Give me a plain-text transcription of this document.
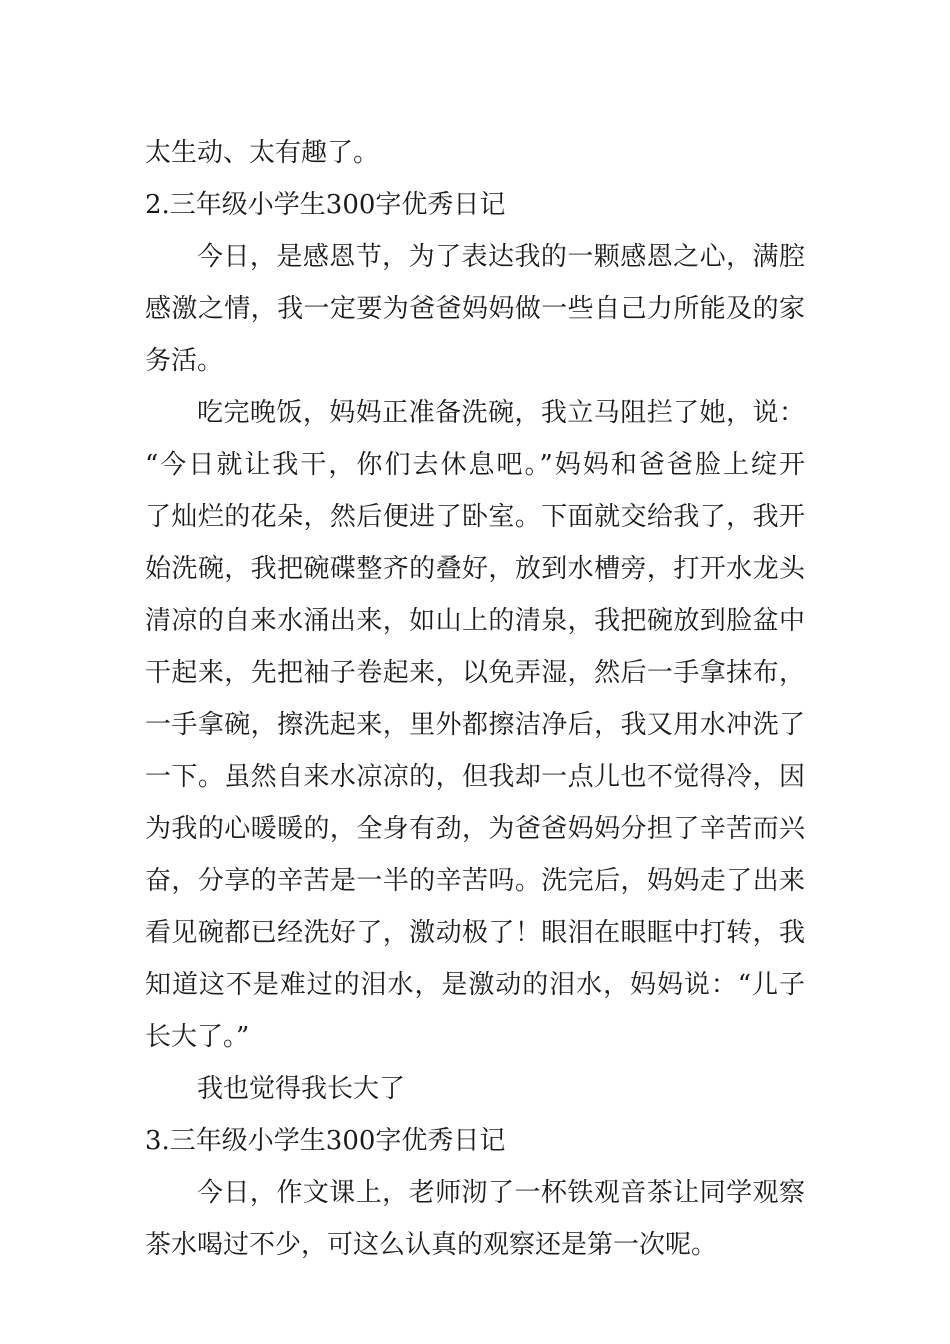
太生动、太有趣了。
2.三年级小学生300字优秀日记
今日，是感恩节，为了表达我的一颗感恩之心，满腔
感激之情，我一定要为爸爸妈妈做一些自己力所能及的家
务活。
吃完晚饭，妈妈正准备洗碗，我立马阻拦了她，说：
“今日就让我干，你们去休息吧。”妈妈和爸爸脸上绽开
了灿烂的花朵，然后便进了卧室。下面就交给我了，我开
始洗碗，我把碗碟整齐的叠好，放到水槽旁，打开水龙头
清凉的自来水涌出来，如山上的清泉，我把碗放到脸盆中
干起来，先把袖子卷起来，以免弄湿，然后一手拿抹布，
一手拿碗，擦洗起来，里外都擦洁净后，我又用水冲洗了
一下。虽然自来水凉凉的，但我却一点儿也不觉得冷，因
为我的心暖暖的，全身有劲，为爸爸妈妈分担了辛苦而兴
奋，分享的辛苦是一半的辛苦吗。洗完后，妈妈走了出来
看见碗都已经洗好了，激动极了！眼泪在眼眶中打转，我
知道这不是难过的泪水，是激动的泪水，妈妈说：“儿子
长大了。”
我也觉得我长大了
3.三年级小学生300字优秀日记
今日，作文课上，老师沏了一杯铁观音茶让同学观察
茶水喝过不少，可这么认真的观察还是第一次呢。
